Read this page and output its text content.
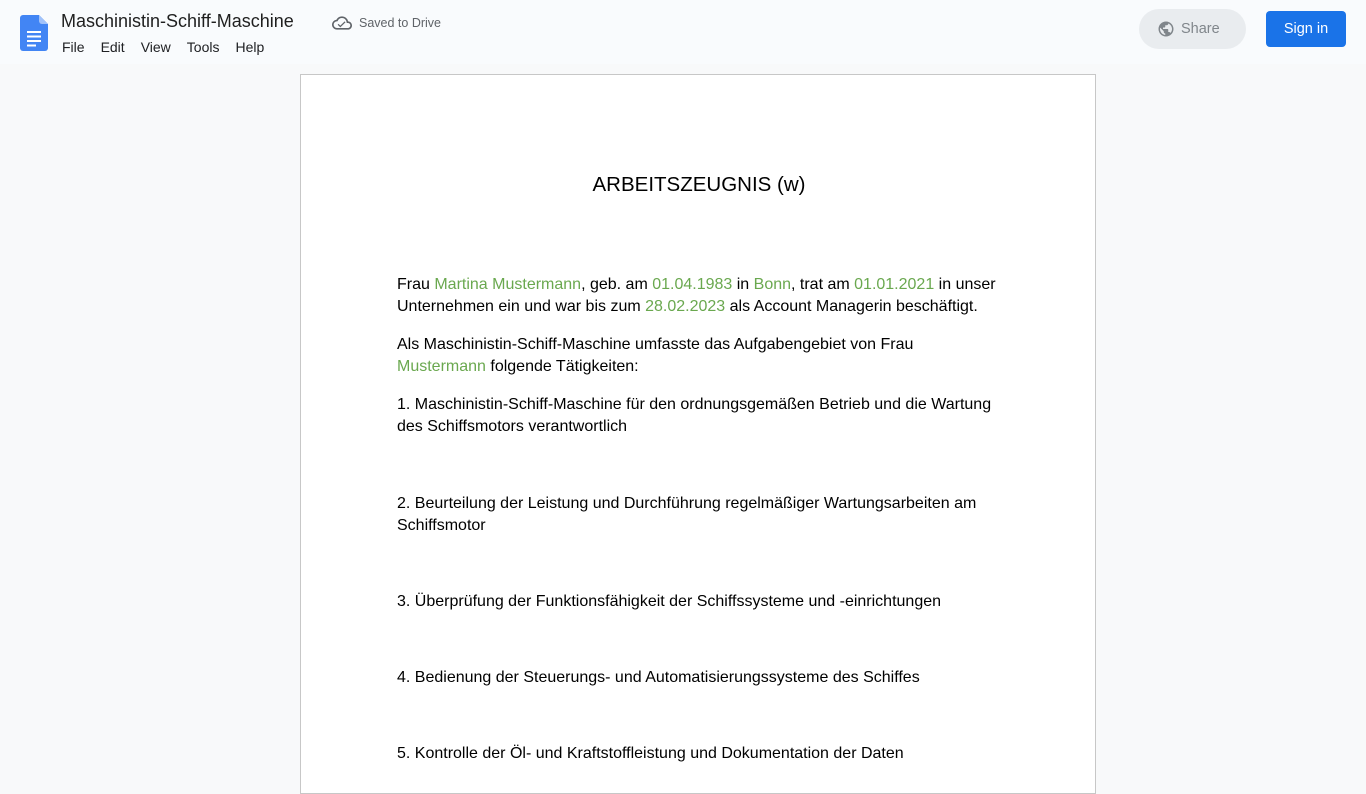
Maschinistin-Schiff-Maschine	Saved to Drive
File	Edit	View	Tools	Help
Share	Sign in
ARBEITSZEUGNIS (w)
Frau Martina Mustermann, geb. am 01.04.1983 in Bonn, trat am 01.01.2021 in unser Unternehmen ein und war bis zum 28.02.2023 als Account Managerin beschäftigt.
Als Maschinistin-Schiff-Maschine umfasste das Aufgabengebiet von Frau Mustermann folgende Tätigkeiten:
1. Maschinistin-Schiff-Maschine für den ordnungsgemäßen Betrieb und die Wartung des Schiffsmotors verantwortlich
2. Beurteilung der Leistung und Durchführung regelmäßiger Wartungsarbeiten am Schiffsmotor
3. Überprüfung der Funktionsfähigkeit der Schiffssysteme und -einrichtungen
4. Bedienung der Steuerungs- und Automatisierungssysteme des Schiffes
5. Kontrolle der Öl- und Kraftstoffleistung und Dokumentation der Daten
